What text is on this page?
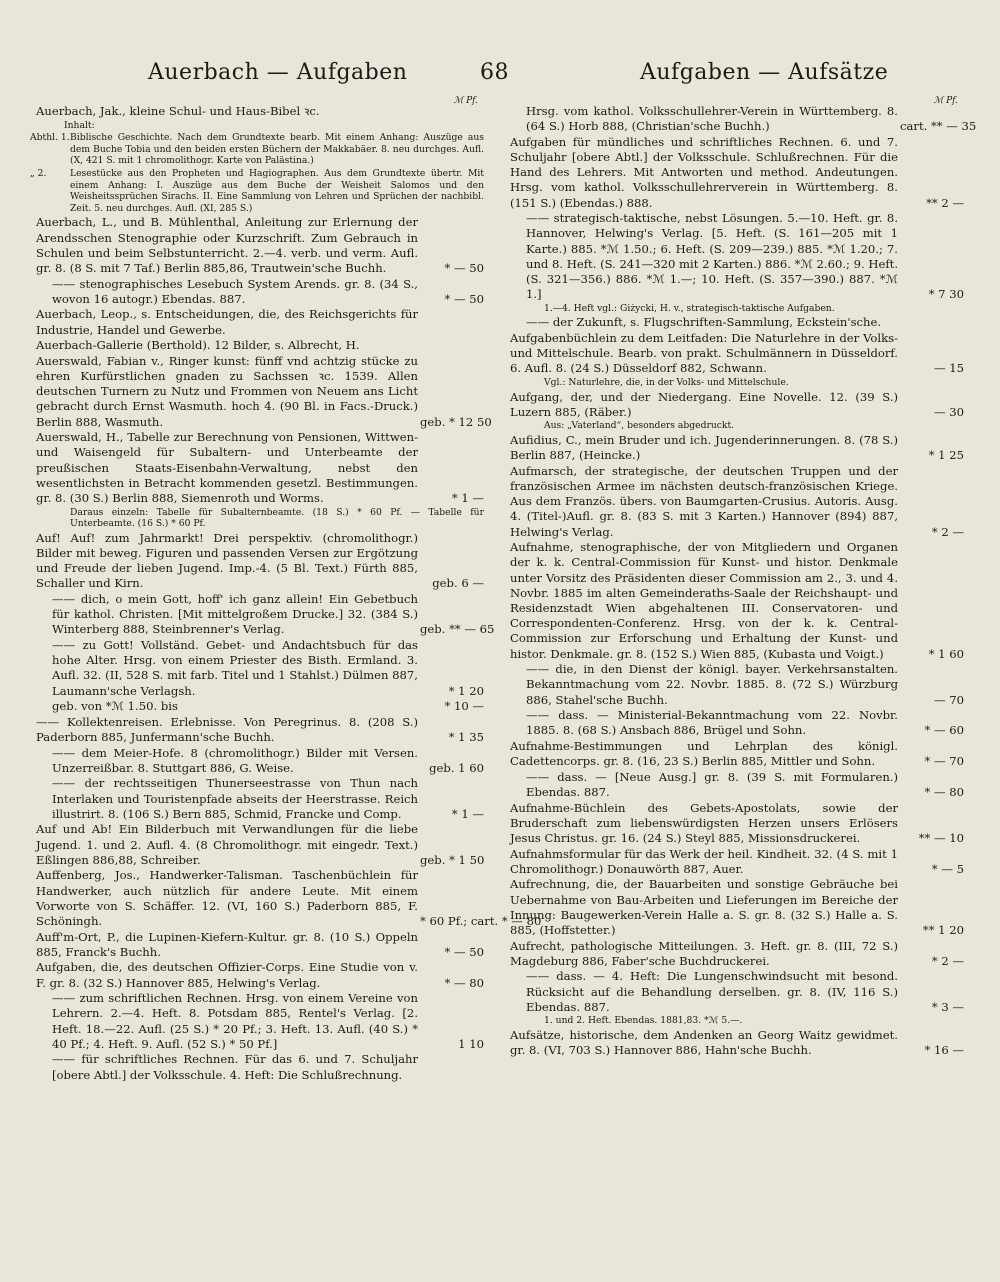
Auerbach — Aufgaben	68	Aufgaben — Aufsätze
ℳ Pf.
Auerbach, Jak., kleine Schul- und Haus-Bibel ꝛc.
Inhalt:
Abthl. 1.Biblische Geschichte. Nach dem Grundtexte bearb. Mit einem Anhang: Auszüge aus dem Buche Tobia und den beiden ersten Büchern der Makkabäer. 8. neu durchges. Aufl. (X, 421 S. mit 1 chromolithogr. Karte von Palästina.)
„ 2.	Lesestücke aus den Propheten und Hagiographen. Aus dem Grundtexte übertr. Mit einem Anhang: I. Auszüge aus dem Buche der Weisheit Salomos und den Weisheitssprüchen Sirachs. II. Eine Sammlung von Lehren und Sprüchen der nachbibl. Zeit. 5. neu durchges. Aufl. (XI, 285 S.)
Auerbach, L., und B. Mühlenthal, Anleitung zur Erlernung der Arendsschen Stenographie oder Kurzschrift. Zum Gebrauch in Schulen und beim Selbstunterricht. 2.—4. verb. und verm. Aufl. gr. 8. (8 S. mit 7 Taf.) Berlin 885,86, Trautwein'sche Buchh.	* — 50
—— stenographisches Lesebuch System Arends. gr. 8. (34 S., wovon 16 autogr.) Ebendas. 887.	* — 50
Auerbach, Leop., s. Entscheidungen, die, des Reichsgerichts für Industrie, Handel und Gewerbe.
Auerbach-Gallerie (Berthold). 12 Bilder, s. Albrecht, H.
Auerswald, Fabian v., Ringer kunst: fünff vnd achtzig stücke zu ehren Kurfürstlichen gnaden zu Sachssen ꝛc. 1539. Allen deutschen Turnern zu Nutz und Frommen von Neuem ans Licht gebracht durch Ernst Wasmuth. hoch 4. (90 Bl. in Facs.-Druck.) Berlin 888, Wasmuth.	geb. * 12 50
Auerswald, H., Tabelle zur Berechnung von Pensionen, Wittwen- und Waisengeld für Subaltern- und Unterbeamte der preußischen Staats-Eisenbahn-Verwaltung, nebst den wesentlichsten in Betracht kommenden gesetzl. Bestimmungen. gr. 8. (30 S.) Berlin 888, Siemenroth und Worms.	* 1 —
Daraus einzeln: Tabelle für Subalternbeamte. (18 S.) * 60 Pf. — Tabelle für Unterbeamte. (16 S.) * 60 Pf.
Auf! Auf! zum Jahrmarkt! Drei perspektiv. (chromolithogr.) Bilder mit beweg. Figuren und passenden Versen zur Ergötzung und Freude der lieben Jugend. Imp.-4. (5 Bl. Text.) Fürth 885, Schaller und Kirn.	geb. 6 —
—— dich, o mein Gott, hoff' ich ganz allein! Ein Gebetbuch für kathol. Christen. [Mit mittelgroßem Drucke.] 32. (384 S.) Winterberg 888, Steinbrenner's Verlag.	geb. ** — 65
—— zu Gott! Vollständ. Gebet- und Andachtsbuch für das hohe Alter. Hrsg. von einem Priester des Bisth. Ermland. 3. Aufl. 32. (II, 528 S. mit farb. Titel und 1 Stahlst.) Dülmen 887, Laumann'sche Verlagsh.	* 1 20
geb. von *ℳ 1.50. bis	* 10 —
—— Kollektenreisen. Erlebnisse. Von Peregrinus. 8. (208 S.) Paderborn 885, Junfermann'sche Buchh.	* 1 35
—— dem Meier-Hofe. 8 (chromolithogr.) Bilder mit Versen. Unzerreißbar. 8. Stuttgart 886, G. Weise.	geb. 1 60
—— der rechtsseitigen Thunerseestrasse von Thun nach Interlaken und Touristenpfade abseits der Heerstrasse. Reich illustrirt. 8. (106 S.) Bern 885, Schmid, Francke und Comp.	* 1 —
Auf und Ab! Ein Bilderbuch mit Verwandlungen für die liebe Jugend. 1. und 2. Aufl. 4. (8 Chromolithogr. mit eingedr. Text.) Eßlingen 886,88, Schreiber.	geb. * 1 50
Auffenberg, Jos., Handwerker-Talisman. Taschenbüchlein für Handwerker, auch nützlich für andere Leute. Mit einem Vorworte von S. Schäffer. 12. (VI, 160 S.) Paderborn 885, F. Schöningh.	* 60 Pf.; cart. * — 80
Auff'm-Ort, P., die Lupinen-Kiefern-Kultur. gr. 8. (10 S.) Oppeln 885, Franck's Buchh.	* — 50
Aufgaben, die, des deutschen Offizier-Corps. Eine Studie von v. F. gr. 8. (32 S.) Hannover 885, Helwing's Verlag.	* — 80
—— zum schriftlichen Rechnen. Hrsg. von einem Vereine von Lehrern. 2.—4. Heft. 8. Potsdam 885, Rentel's Verlag. [2. Heft. 18.—22. Aufl. (25 S.) * 20 Pf.; 3. Heft. 13. Aufl. (40 S.) * 40 Pf.; 4. Heft. 9. Aufl. (52 S.) * 50 Pf.]	1 10
—— für schriftliches Rechnen. Für das 6. und 7. Schuljahr [obere Abtl.] der Volksschule. 4. Heft: Die Schlußrechnung.
ℳ Pf.
Hrsg. vom kathol. Volksschullehrer-Verein in Württemberg. 8. (64 S.) Horb 888, (Christian'sche Buchh.)	cart. ** — 35
Aufgaben für mündliches und schriftliches Rechnen. 6. und 7. Schuljahr [obere Abtl.] der Volksschule. Schlußrechnen. Für die Hand des Lehrers. Mit Antworten und method. Andeutungen. Hrsg. vom kathol. Volksschullehrerverein in Württemberg. 8. (151 S.) (Ebendas.) 888.	** 2 —
—— strategisch-taktische, nebst Lösungen. 5.—10. Heft. gr. 8. Hannover, Helwing's Verlag. [5. Heft. (S. 161—205 mit 1 Karte.) 885. *ℳ 1.50.; 6. Heft. (S. 209—239.) 885. *ℳ 1.20.; 7. und 8. Heft. (S. 241—320 mit 2 Karten.) 886. *ℳ 2.60.; 9. Heft. (S. 321—356.) 886. *ℳ 1.—; 10. Heft. (S. 357—390.) 887. *ℳ 1.]	* 7 30
1.—4. Heft vgl.: Giżycki, H. v., strategisch-taktische Aufgaben.
—— der Zukunft, s. Flugschriften-Sammlung, Eckstein'sche.
Aufgabenbüchlein zu dem Leitfaden: Die Naturlehre in der Volks- und Mittelschule. Bearb. von prakt. Schulmännern in Düsseldorf. 6. Aufl. 8. (24 S.) Düsseldorf 882, Schwann.	— 15
Vgl.: Naturlehre, die, in der Volks- und Mittelschule.
Aufgang, der, und der Niedergang. Eine Novelle. 12. (39 S.) Luzern 885, (Räber.)	— 30
Aus: „Vaterland“, besonders abgedruckt.
Aufidius, C., mein Bruder und ich. Jugenderinnerungen. 8. (78 S.) Berlin 887, (Heincke.)	* 1 25
Aufmarsch, der strategische, der deutschen Truppen und der französischen Armee im nächsten deutsch-französischen Kriege. Aus dem Französ. übers. von Baumgarten-Crusius. Autoris. Ausg. 4. (Titel-)Aufl. gr. 8. (83 S. mit 3 Karten.) Hannover (894) 887, Helwing's Verlag.	* 2 —
Aufnahme, stenographische, der von Mitgliedern und Organen der k. k. Central-Commission für Kunst- und histor. Denkmale unter Vorsitz des Präsidenten dieser Commission am 2., 3. und 4. Novbr. 1885 im alten Gemeinderaths-Saale der Reichshaupt- und Residenzstadt Wien abgehaltenen III. Conservatoren- und Correspondenten-Conferenz. Hrsg. von der k. k. Central-Commission zur Erforschung und Erhaltung der Kunst- und histor. Denkmale. gr. 8. (152 S.) Wien 885, (Kubasta und Voigt.)	* 1 60
—— die, in den Dienst der königl. bayer. Verkehrsanstalten. Bekanntmachung vom 22. Novbr. 1885. 8. (72 S.) Würzburg 886, Stahel'sche Buchh.	— 70
—— dass. — Ministerial-Bekanntmachung vom 22. Novbr. 1885. 8. (68 S.) Ansbach 886, Brügel und Sohn.	* — 60
Aufnahme-Bestimmungen und Lehrplan des königl. Cadettencorps. gr. 8. (16, 23 S.) Berlin 885, Mittler und Sohn.	* — 70
—— dass. — [Neue Ausg.] gr. 8. (39 S. mit Formularen.) Ebendas. 887.	* — 80
Aufnahme-Büchlein des Gebets-Apostolats, sowie der Bruderschaft zum liebenswürdigsten Herzen unsers Erlösers Jesus Christus. gr. 16. (24 S.) Steyl 885, Missionsdruckerei.	** — 10
Aufnahmsformular für das Werk der heil. Kindheit. 32. (4 S. mit 1 Chromolithogr.) Donauwörth 887, Auer.	* — 5
Aufrechnung, die, der Bauarbeiten und sonstige Gebräuche bei Uebernahme von Bau-Arbeiten und Lieferungen im Bereiche der Innung: Baugewerken-Verein Halle a. S. gr. 8. (32 S.) Halle a. S. 885, (Hoffstetter.)	** 1 20
Aufrecht, pathologische Mitteilungen. 3. Heft. gr. 8. (III, 72 S.) Magdeburg 886, Faber'sche Buchdruckerei.	* 2 —
—— dass. — 4. Heft: Die Lungenschwindsucht mit besond. Rücksicht auf die Behandlung derselben. gr. 8. (IV, 116 S.) Ebendas. 887.	* 3 —
1. und 2. Heft. Ebendas. 1881,83. *ℳ 5.—.
Aufsätze, historische, dem Andenken an Georg Waitz gewidmet. gr. 8. (VI, 703 S.) Hannover 886, Hahn'sche Buchh.	* 16 —
